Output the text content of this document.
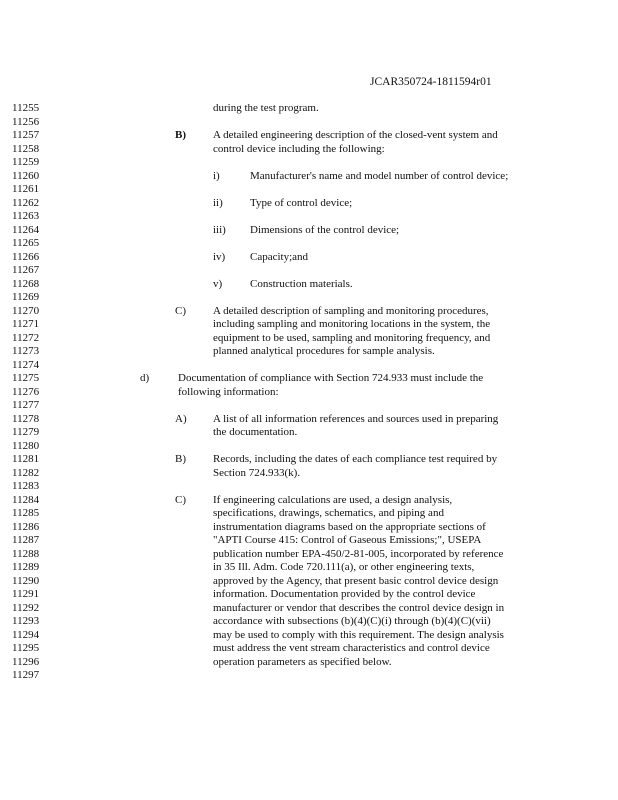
JCAR350724-1811594r01
11255	during the test program.
11256
11257	B) A detailed engineering description of the closed-vent system and
11258	control device including the following:
11259
11260	i)	Manufacturer's name and model number of control device;
11261
11262	ii) Type of control device;
11263
11264	iii) Dimensions of the control device;
11265
11266	iv) Capacity;and
11267
11268	v)	Construction materials.
11269
11270	C) A detailed description of sampling and monitoring procedures,
11271	including sampling and monitoring locations in the system, the
11272	equipment to be used, sampling and monitoring frequency, and
11273	planned analytical procedures for sample analysis.
11274
11275	d)	Documentation of compliance with Section 724.933 must include the
11276	following information:
11277
11278	A) A list of all information references and sources used in preparing
11279	the documentation.
11280
11281	B) Records, including the dates of each compliance test required by
11282	Section 724.933(k).
11283
11284	C) If engineering calculations are used, a design analysis,
11285	specifications, drawings, schematics, and piping and
11286	instrumentation diagrams based on the appropriate sections of
11287	"APTI Course 415: Control of Gaseous Emissions;", USEPA
11288	publication number EPA-450/2-81-005, incorporated by reference
11289	in 35 Ill. Adm. Code 720.111(a), or other engineering texts,
11290	approved by the Agency, that present basic control device design
11291	information. Documentation provided by the control device
11292	manufacturer or vendor that describes the control device design in
11293	accordance with subsections (b)(4)(C)(i) through (b)(4)(C)(vii)
11294	may be used to comply with this requirement. The design analysis
11295	must address the vent stream characteristics and control device
11296	operation parameters as specified below.
11297
